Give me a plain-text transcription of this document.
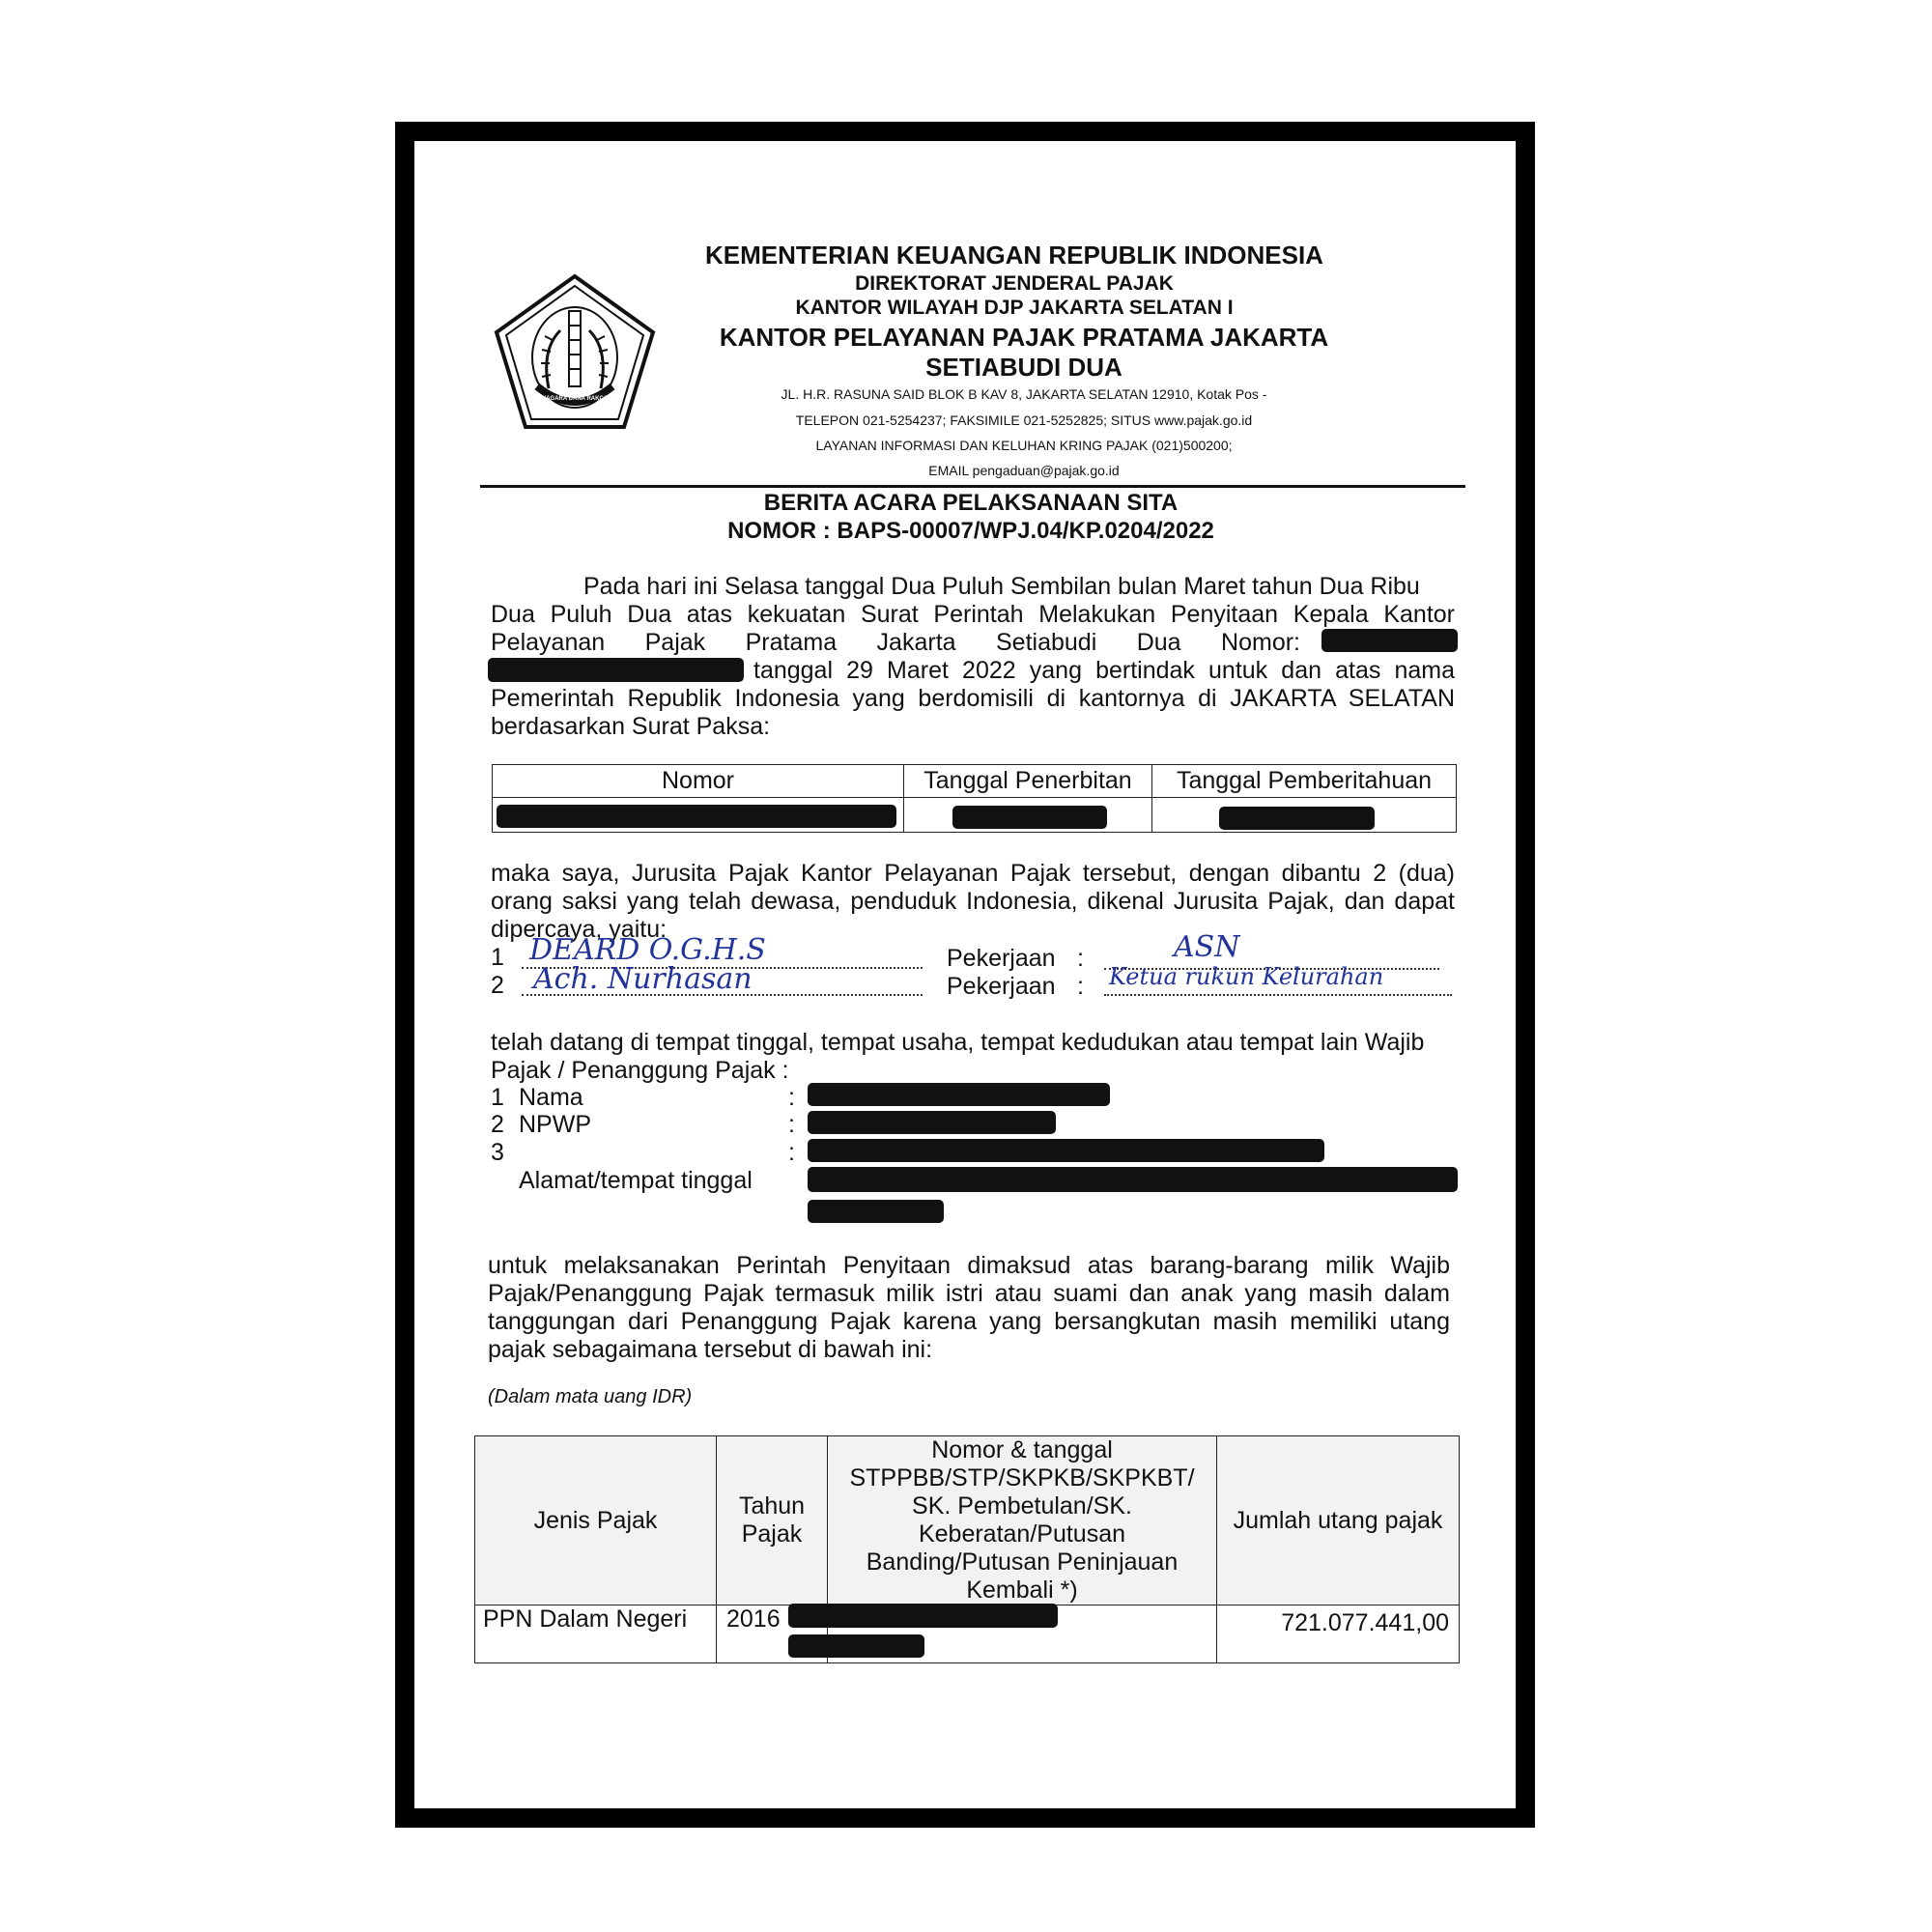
NAGARA DANA RAKCA
KEMENTERIAN KEUANGAN REPUBLIK INDONESIA
DIREKTORAT JENDERAL PAJAK
KANTOR WILAYAH DJP JAKARTA SELATAN I
KANTOR PELAYANAN PAJAK PRATAMA JAKARTA
SETIABUDI DUA
JL. H.R. RASUNA SAID BLOK B KAV 8, JAKARTA SELATAN 12910, Kotak Pos -
TELEPON 021-5254237; FAKSIMILE 021-5252825; SITUS www.pajak.go.id
LAYANAN INFORMASI DAN KELUHAN KRING PAJAK (021)500200;
EMAIL pengaduan@pajak.go.id
BERITA ACARA PELAKSANAAN SITA
NOMOR : BAPS-00007/WPJ.04/KP.0204/2022
Pada hari ini Selasa tanggal Dua Puluh Sembilan bulan Maret tahun Dua Ribu
Dua Puluh Dua atas kekuatan Surat Perintah Melakukan Penyitaan Kepala Kantor
Pelayanan Pajak Pratama Jakarta Setiabudi Dua Nomor:
tanggal 29 Maret 2022 yang bertindak untuk dan atas nama
Pemerintah Republik Indonesia yang berdomisili di kantornya di JAKARTA SELATAN
berdasarkan Surat Paksa:
Nomor	Tanggal Penerbitan	Tanggal Pemberitahuan

maka saya, Jurusita Pajak Kantor Pelayanan Pajak tersebut, dengan dibantu 2 (dua)
orang saksi yang telah dewasa, penduduk Indonesia, dikenal Jurusita Pajak, dan dapat
dipercaya, yaitu:
1 DEARD O.G.H.S	Pekerjaan :	ASN
2 Ach. Nurhasan	Pekerjaan : Ketua rukun Kelurahan
telah datang di tempat tinggal, tempat usaha, tempat kedudukan atau tempat lain Wajib
Pajak / Penanggung Pajak :
1 Nama	:
2 NPWP	:
3	:
Alamat/tempat tinggal
untuk melaksanakan Perintah Penyitaan dimaksud atas barang-barang milik Wajib
Pajak/Penanggung Pajak termasuk milik istri atau suami dan anak yang masih dalam
tanggungan dari Penanggung Pajak karena yang bersangkutan masih memiliki utang
pajak sebagaimana tersebut di bawah ini:
(Dalam mata uang IDR)
Jenis Pajak	Tahun Pajak	Nomor & tanggal STPPBB/STP/SKPKB/SKPKBT/ SK. Pembetulan/SK. Keberatan/Putusan Banding/Putusan Peninjauan Kembali *)	Jumlah utang pajak
PPN Dalam Negeri	2016		721.077.441,00
